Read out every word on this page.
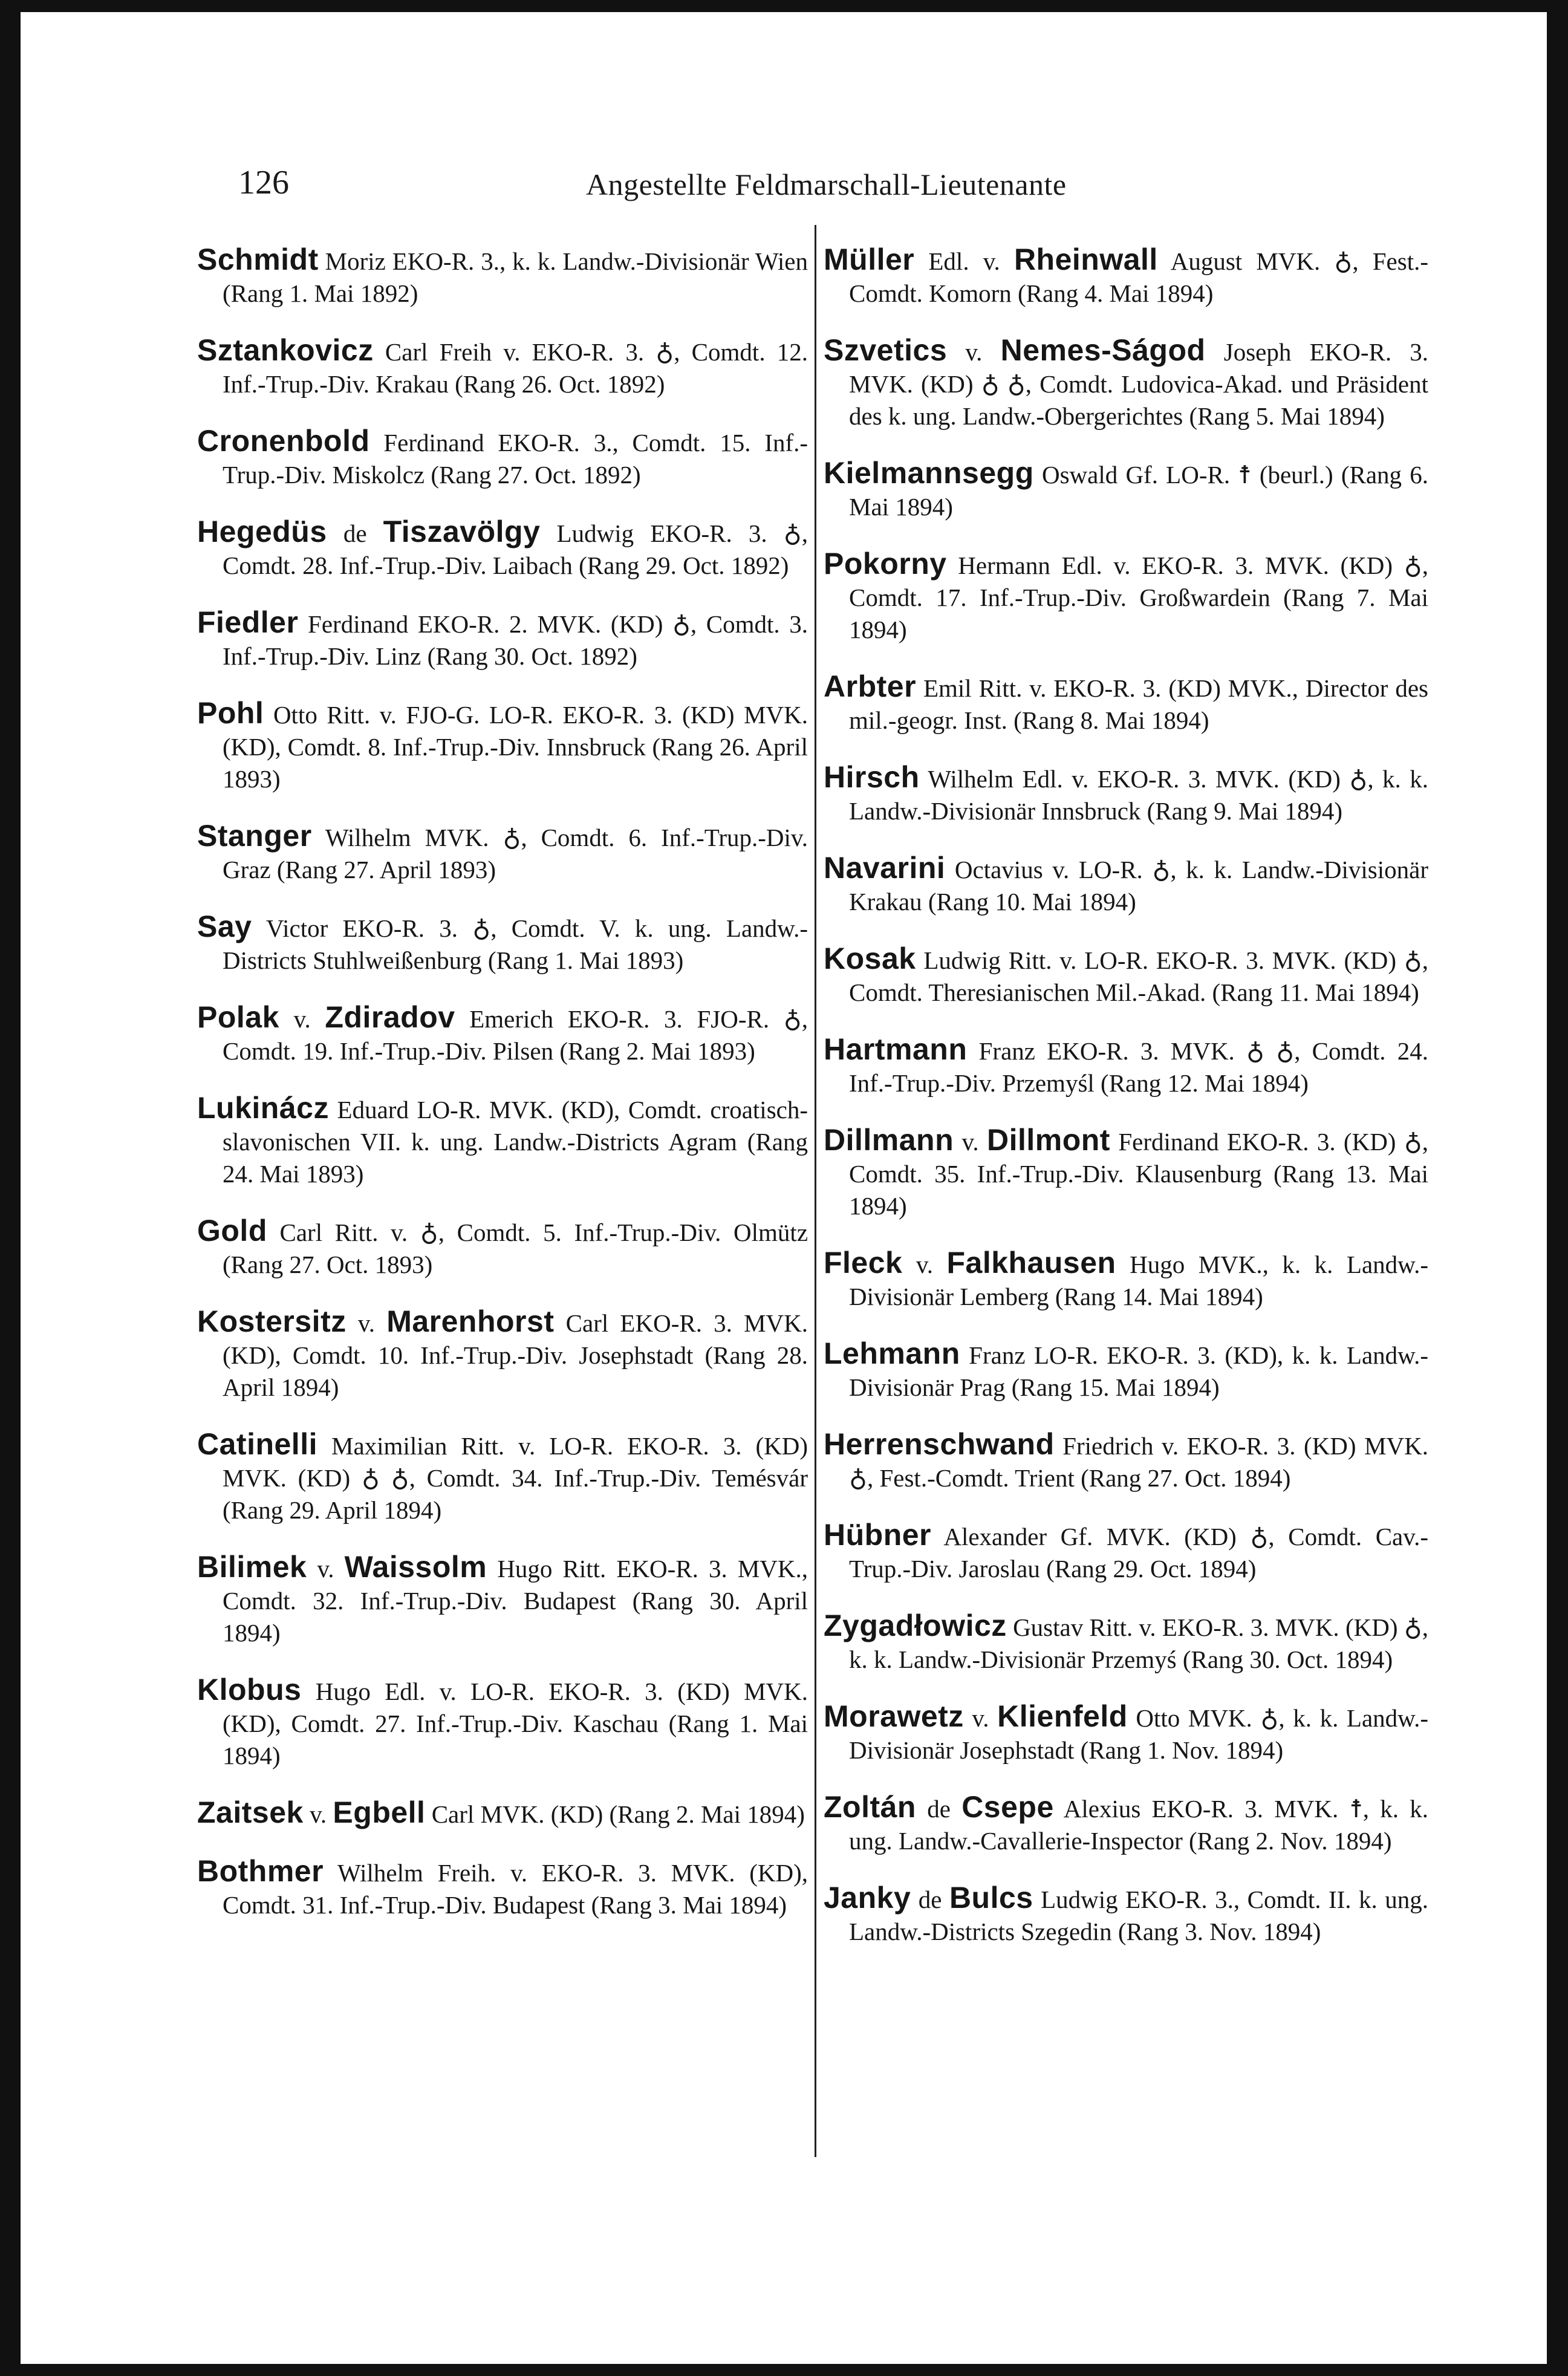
126	Angestellte Feldmarschall-Lieutenante

Schmidt Moriz EKO-R. 3., k. k. Landw.-Divisionär Wien (Rang 1. Mai 1892)

Sztankovicz Carl Freih v. EKO-R. 3. ♁, Comdt. 12. Inf.-Trup.-Div. Krakau (Rang 26. Oct. 1892)

Cronenbold Ferdinand EKO-R. 3., Comdt. 15. Inf.-Trup.-Div. Miskolcz (Rang 27. Oct. 1892)

Hegedüs de Tiszavölgy Ludwig EKO-R. 3. ♁, Comdt. 28. Inf.-Trup.-Div. Laibach (Rang 29. Oct. 1892)

Fiedler Ferdinand EKO-R. 2. MVK. (KD) ♁, Comdt. 3. Inf.-Trup.-Div. Linz (Rang 30. Oct. 1892)

Pohl Otto Ritt. v. FJO-G. LO-R. EKO-R. 3. (KD) MVK. (KD), Comdt. 8. Inf.-Trup.-Div. Innsbruck (Rang 26. April 1893)

Stanger Wilhelm MVK. ♁, Comdt. 6. Inf.-Trup.-Div. Graz (Rang 27. April 1893)

Say Victor EKO-R. 3. ♁, Comdt. V. k. ung. Landw.-Districts Stuhlweißenburg (Rang 1. Mai 1893)

Polak v. Zdiradov Emerich EKO-R. 3. FJO-R. ♁, Comdt. 19. Inf.-Trup.-Div. Pilsen (Rang 2. Mai 1893)

Lukinácz Eduard LO-R. MVK. (KD), Comdt. croatisch-slavonischen VII. k. ung. Landw.-Districts Agram (Rang 24. Mai 1893)

Gold Carl Ritt. v. ♁, Comdt. 5. Inf.-Trup.-Div. Olmütz (Rang 27. Oct. 1893)

Kostersitz v. Marenhorst Carl EKO-R. 3. MVK. (KD), Comdt. 10. Inf.-Trup.-Div. Josephstadt (Rang 28. April 1894)

Catinelli Maximilian Ritt. v. LO-R. EKO-R. 3. (KD) MVK. (KD) ♁ ♁, Comdt. 34. Inf.-Trup.-Div. Temésvár (Rang 29. April 1894)

Bilimek v. Waissolm Hugo Ritt. EKO-R. 3. MVK., Comdt. 32. Inf.-Trup.-Div. Budapest (Rang 30. April 1894)

Klobus Hugo Edl. v. LO-R. EKO-R. 3. (KD) MVK. (KD), Comdt. 27. Inf.-Trup.-Div. Kaschau (Rang 1. Mai 1894)

Zaitsek v. Egbell Carl MVK. (KD) (Rang 2. Mai 1894)

Bothmer Wilhelm Freih. v. EKO-R. 3. MVK. (KD), Comdt. 31. Inf.-Trup.-Div. Budapest (Rang 3. Mai 1894)

Müller Edl. v. Rheinwall August MVK. ♁, Fest.-Comdt. Komorn (Rang 4. Mai 1894)

Szvetics v. Nemes-Ságod Joseph EKO-R. 3. MVK. (KD) ♁ ♁, Comdt. Ludovica-Akad. und Präsident des k. ung. Landw.-Obergerichtes (Rang 5. Mai 1894)

Kielmannsegg Oswald Gf. LO-R. ☨ (beurl.) (Rang 6. Mai 1894)

Pokorny Hermann Edl. v. EKO-R. 3. MVK. (KD) ♁, Comdt. 17. Inf.-Trup.-Div. Großwardein (Rang 7. Mai 1894)

Arbter Emil Ritt. v. EKO-R. 3. (KD) MVK., Director des mil.-geogr. Inst. (Rang 8. Mai 1894)

Hirsch Wilhelm Edl. v. EKO-R. 3. MVK. (KD) ♁, k. k. Landw.-Divisionär Innsbruck (Rang 9. Mai 1894)

Navarini Octavius v. LO-R. ♁, k. k. Landw.-Divisionär Krakau (Rang 10. Mai 1894)

Kosak Ludwig Ritt. v. LO-R. EKO-R. 3. MVK. (KD) ♁, Comdt. Theresianischen Mil.-Akad. (Rang 11. Mai 1894)

Hartmann Franz EKO-R. 3. MVK. ♁ ♁, Comdt. 24. Inf.-Trup.-Div. Przemyśl (Rang 12. Mai 1894)

Dillmann v. Dillmont Ferdinand EKO-R. 3. (KD) ♁, Comdt. 35. Inf.-Trup.-Div. Klausenburg (Rang 13. Mai 1894)

Fleck v. Falkhausen Hugo MVK., k. k. Landw.-Divisionär Lemberg (Rang 14. Mai 1894)

Lehmann Franz LO-R. EKO-R. 3. (KD), k. k. Landw.-Divisionär Prag (Rang 15. Mai 1894)

Herrenschwand Friedrich v. EKO-R. 3. (KD) MVK. ♁, Fest.-Comdt. Trient (Rang 27. Oct. 1894)

Hübner Alexander Gf. MVK. (KD) ♁, Comdt. Cav.-Trup.-Div. Jaroslau (Rang 29. Oct. 1894)

Zygadłowicz Gustav Ritt. v. EKO-R. 3. MVK. (KD) ♁, k. k. Landw.-Divisionär Przemyś (Rang 30. Oct. 1894)

Morawetz v. Klienfeld Otto MVK. ♁, k. k. Landw.-Divisionär Josephstadt (Rang 1. Nov. 1894)

Zoltán de Csepe Alexius EKO-R. 3. MVK. ☨, k. k. ung. Landw.-Cavallerie-Inspector (Rang 2. Nov. 1894)

Janky de Bulcs Ludwig EKO-R. 3., Comdt. II. k. ung. Landw.-Districts Szegedin (Rang 3. Nov. 1894)
